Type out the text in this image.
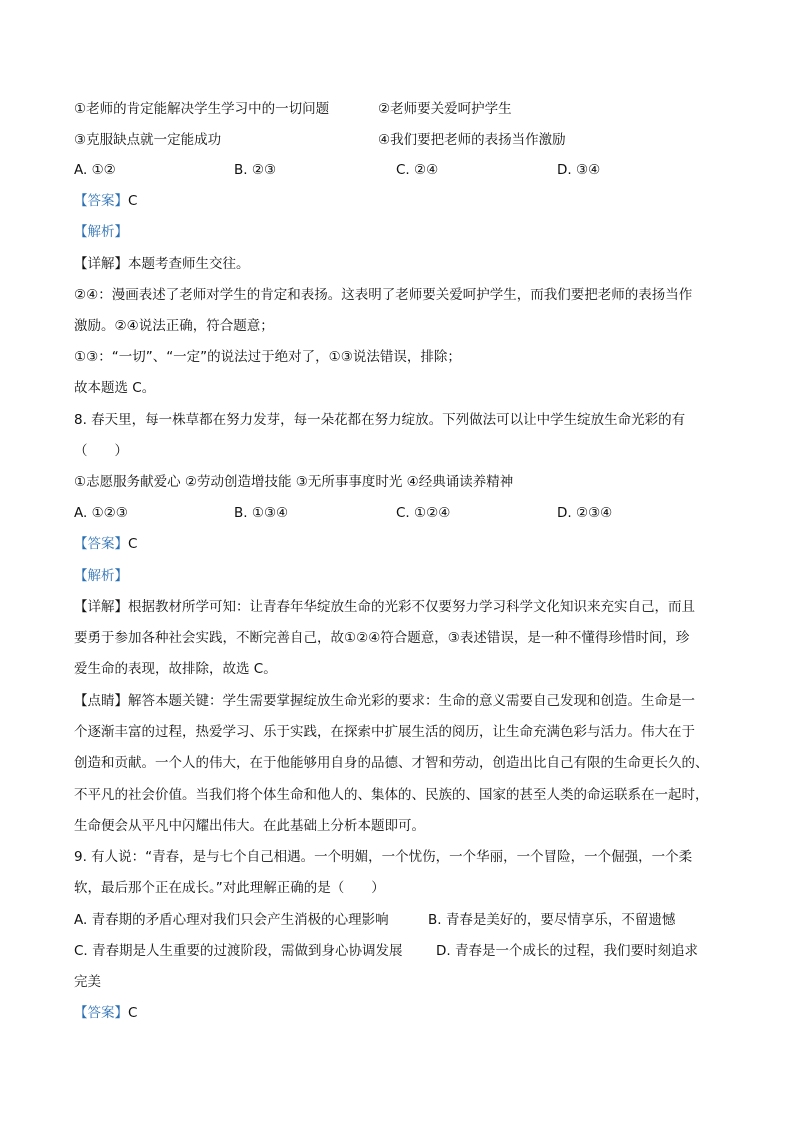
①老师的肯定能解决学生学习中的一切问题	②老师要关爱呵护学生
③克服缺点就一定能成功	④我们要把老师的表扬当作激励
A. ①②	B. ②③	C. ②④	D. ③④
【答案】C
【解析】
【详解】本题考查师生交往。
②④：漫画表述了老师对学生的肯定和表扬。这表明了老师要关爱呵护学生，而我们要把老师的表扬当作
激励。②④说法正确，符合题意；
①③：“一切”、“一定”的说法过于绝对了，①③说法错误，排除；
故本题选 C。
8. 春天里，每一株草都在努力发芽，每一朵花都在努力绽放。下列做法可以让中学生绽放生命光彩的有
（　　）
①志愿服务献爱心 ②劳动创造增技能 ③无所事事度时光 ④经典诵读养精神
A. ①②③	B. ①③④	C. ①②④	D. ②③④
【答案】C
【解析】
【详解】根据教材所学可知：让青春年华绽放生命的光彩不仅要努力学习科学文化知识来充实自己，而且
要勇于参加各种社会实践，不断完善自己，故①②④符合题意，③表述错误，是一种不懂得珍惜时间，珍
爱生命的表现，故排除，故选 C。
【点睛】解答本题关键：学生需要掌握绽放生命光彩的要求：生命的意义需要自己发现和创造。生命是一
个逐渐丰富的过程，热爱学习、乐于实践，在探索中扩展生活的阅历，让生命充满色彩与活力。伟大在于
创造和贡献。一个人的伟大，在于他能够用自身的品德、才智和劳动，创造出比自己有限的生命更长久的、
不平凡的社会价值。当我们将个体生命和他人的、集体的、民族的、国家的甚至人类的命运联系在一起时，
生命便会从平凡中闪耀出伟大。在此基础上分析本题即可。
9. 有人说：“青春，是与七个自己相遇。一个明媚，一个忧伤，一个华丽，一个冒险，一个倔强，一个柔
软，最后那个正在成长。”对此理解正确的是（　　）
A. 青春期的矛盾心理对我们只会产生消极的心理影响	B. 青春是美好的，要尽情享乐，不留遗憾
C. 青春期是人生重要的过渡阶段，需做到身心协调发展 D. 青春是一个成长的过程，我们要时刻追求
完美
【答案】C
